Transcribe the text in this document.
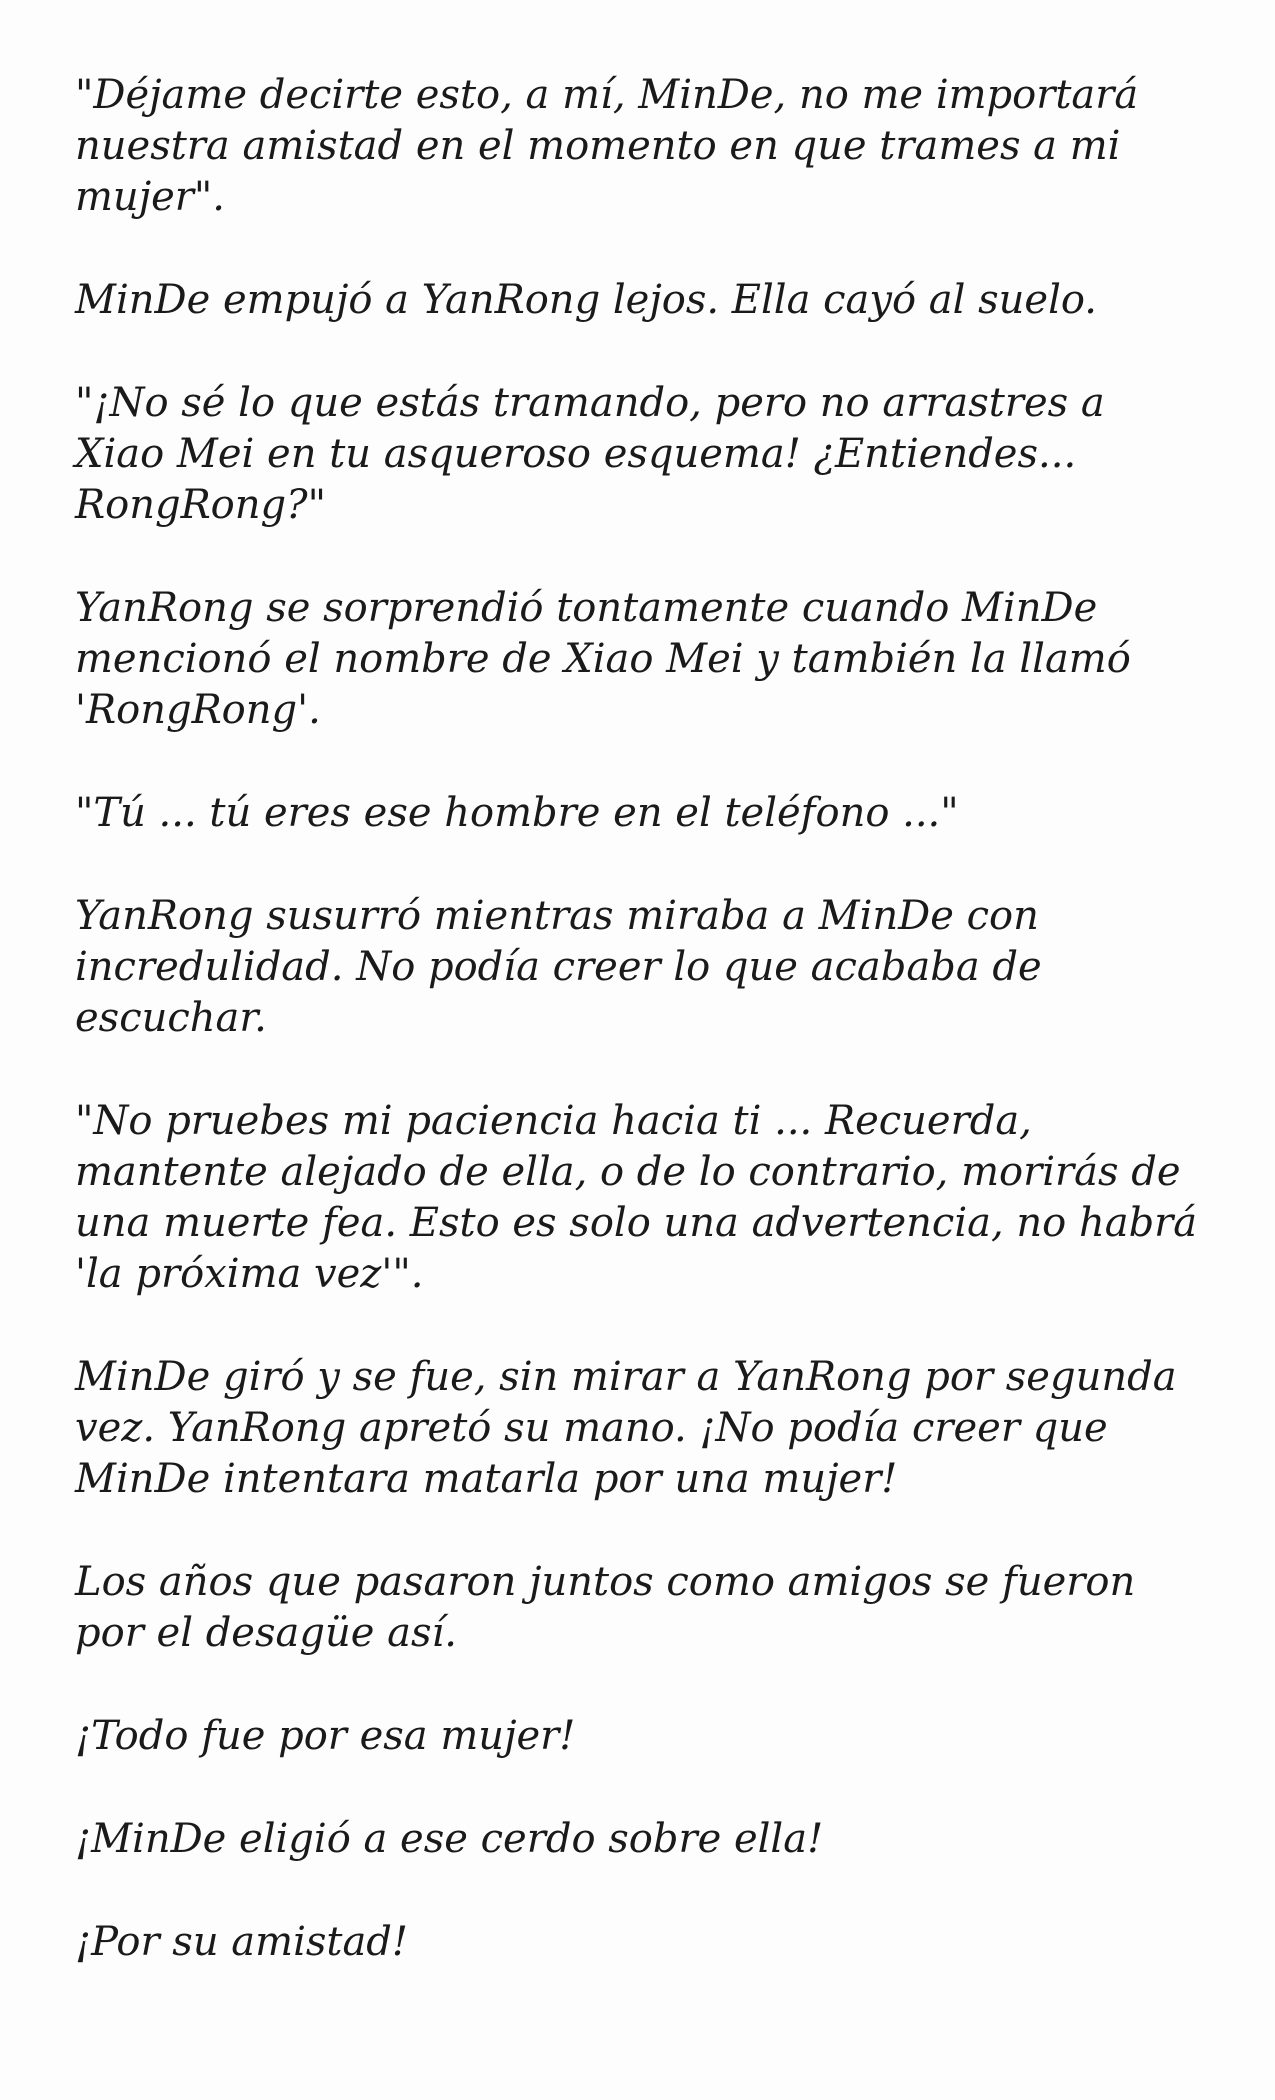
"Déjame decirte esto, a mí, MinDe, no me importará nuestra amistad en el momento en que trames a mi mujer".

MinDe empujó a YanRong lejos. Ella cayó al suelo.

"¡No sé lo que estás tramando, pero no arrastres a Xiao Mei en tu asqueroso esquema! ¿Entiendes... RongRong?"

YanRong se sorprendió tontamente cuando MinDe mencionó el nombre de Xiao Mei y también la llamó 'RongRong'.

"Tú ... tú eres ese hombre en el teléfono ..."

YanRong susurró mientras miraba a MinDe con incredulidad. No podía creer lo que acababa de escuchar.

"No pruebes mi paciencia hacia ti ... Recuerda, mantente alejado de ella, o de lo contrario, morirás de una muerte fea. Esto es solo una advertencia, no habrá 'la próxima vez'".

MinDe giró y se fue, sin mirar a YanRong por segunda vez. YanRong apretó su mano. ¡No podía creer que MinDe intentara matarla por una mujer!

Los años que pasaron juntos como amigos se fueron por el desagüe así.

¡Todo fue por esa mujer!

¡MinDe eligió a ese cerdo sobre ella!

¡Por su amistad!
